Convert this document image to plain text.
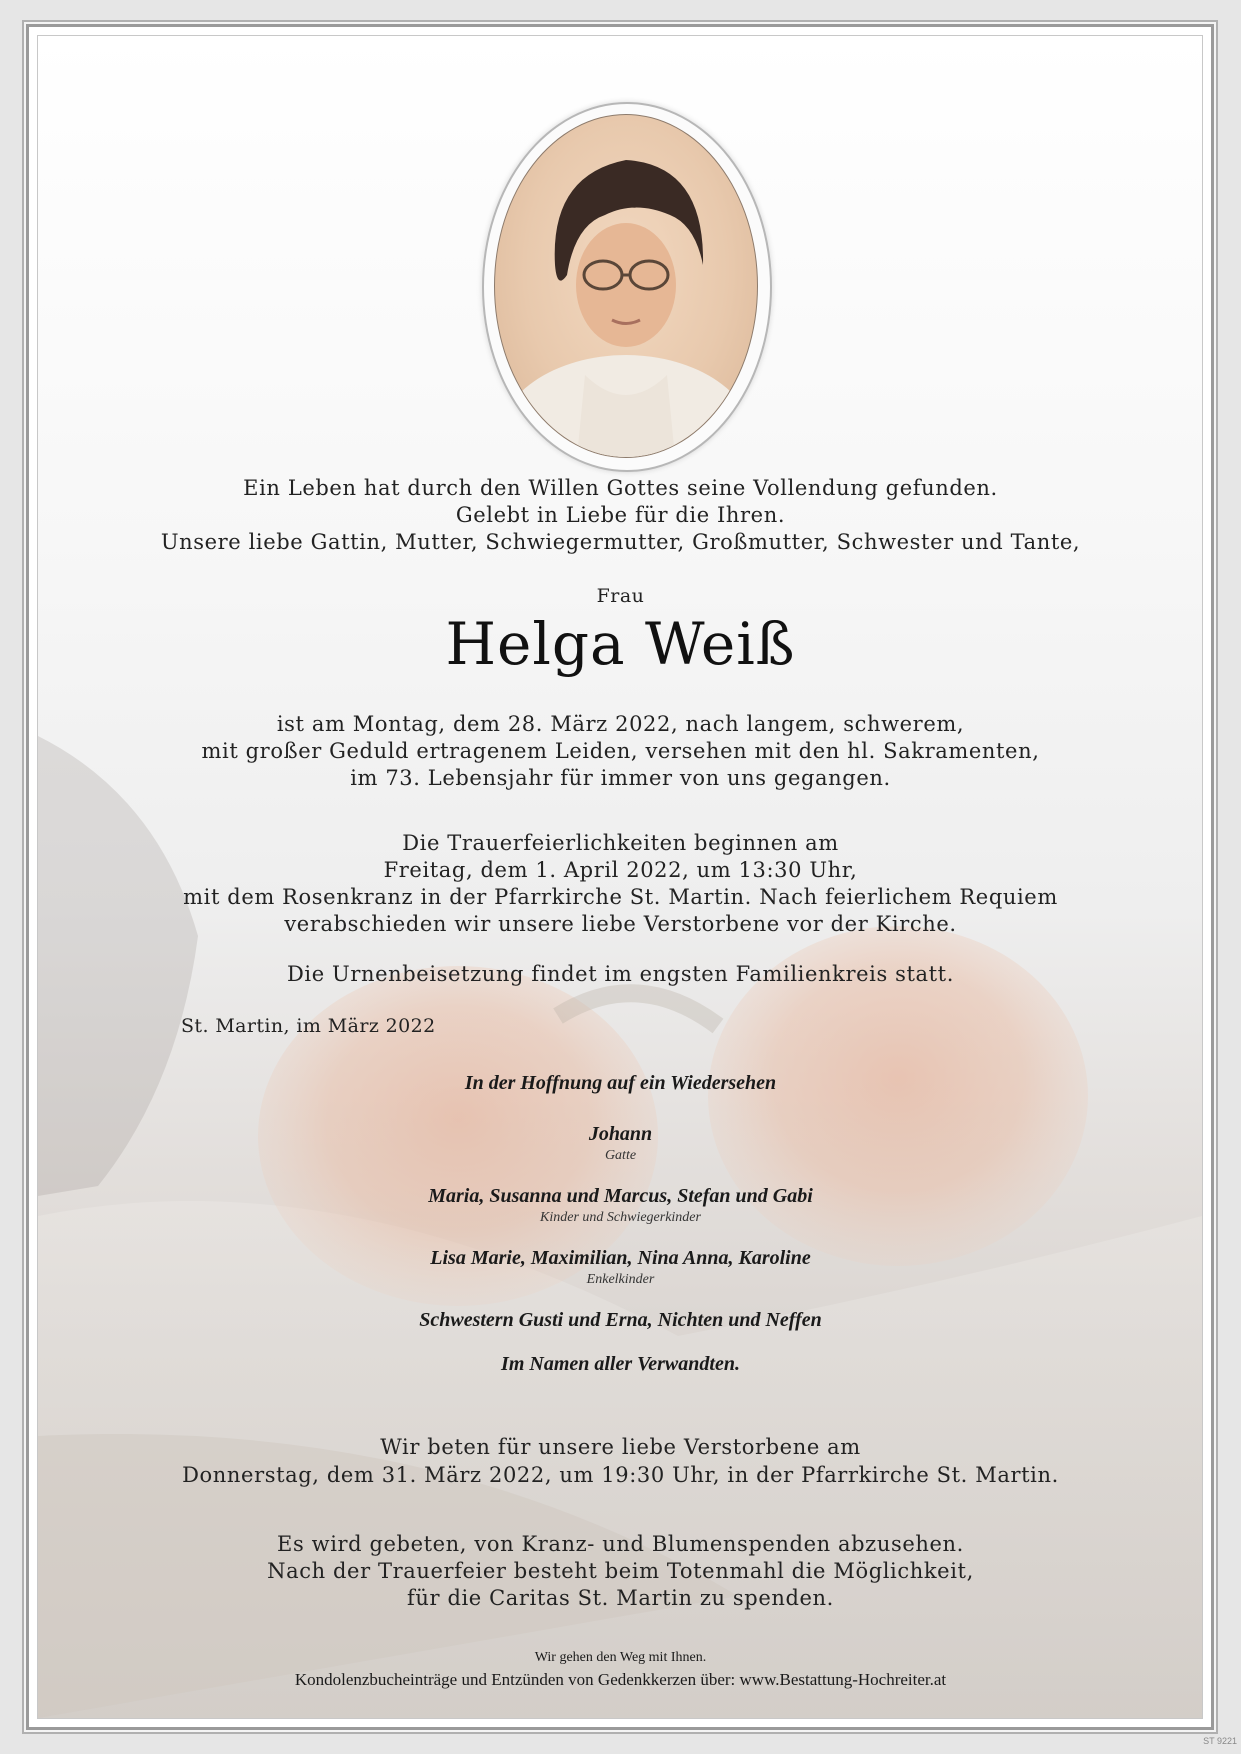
Ein Leben hat durch den Willen Gottes seine Vollendung gefunden.
Gelebt in Liebe für die Ihren.
Unsere liebe Gattin, Mutter, Schwiegermutter, Großmutter, Schwester und Tante,
Frau
Helga Weiß
ist am Montag, dem 28. März 2022, nach langem, schwerem,
mit großer Geduld ertragenem Leiden, versehen mit den hl. Sakramenten,
im 73. Lebensjahr für immer von uns gegangen.
Die Trauerfeierlichkeiten beginnen am
Freitag, dem 1. April 2022, um 13:30 Uhr,
mit dem Rosenkranz in der Pfarrkirche St. Martin. Nach feierlichem Requiem
verabschieden wir unsere liebe Verstorbene vor der Kirche.
Die Urnenbeisetzung findet im engsten Familienkreis statt.
St. Martin, im März 2022
In der Hoffnung auf ein Wiedersehen
Johann
Gatte
Maria, Susanna und Marcus, Stefan und Gabi
Kinder und Schwiegerkinder
Lisa Marie, Maximilian, Nina Anna, Karoline
Enkelkinder
Schwestern Gusti und Erna, Nichten und Neffen
Im Namen aller Verwandten.
Wir beten für unsere liebe Verstorbene am
Donnerstag, dem 31. März 2022, um 19:30 Uhr, in der Pfarrkirche St. Martin.
Es wird gebeten, von Kranz- und Blumenspenden abzusehen.
Nach der Trauerfeier besteht beim Totenmahl die Möglichkeit,
für die Caritas St. Martin zu spenden.
Wir gehen den Weg mit Ihnen.
Kondolenzbucheinträge und Entzünden von Gedenkkerzen über: www.Bestattung-Hochreiter.at
ST 9221
